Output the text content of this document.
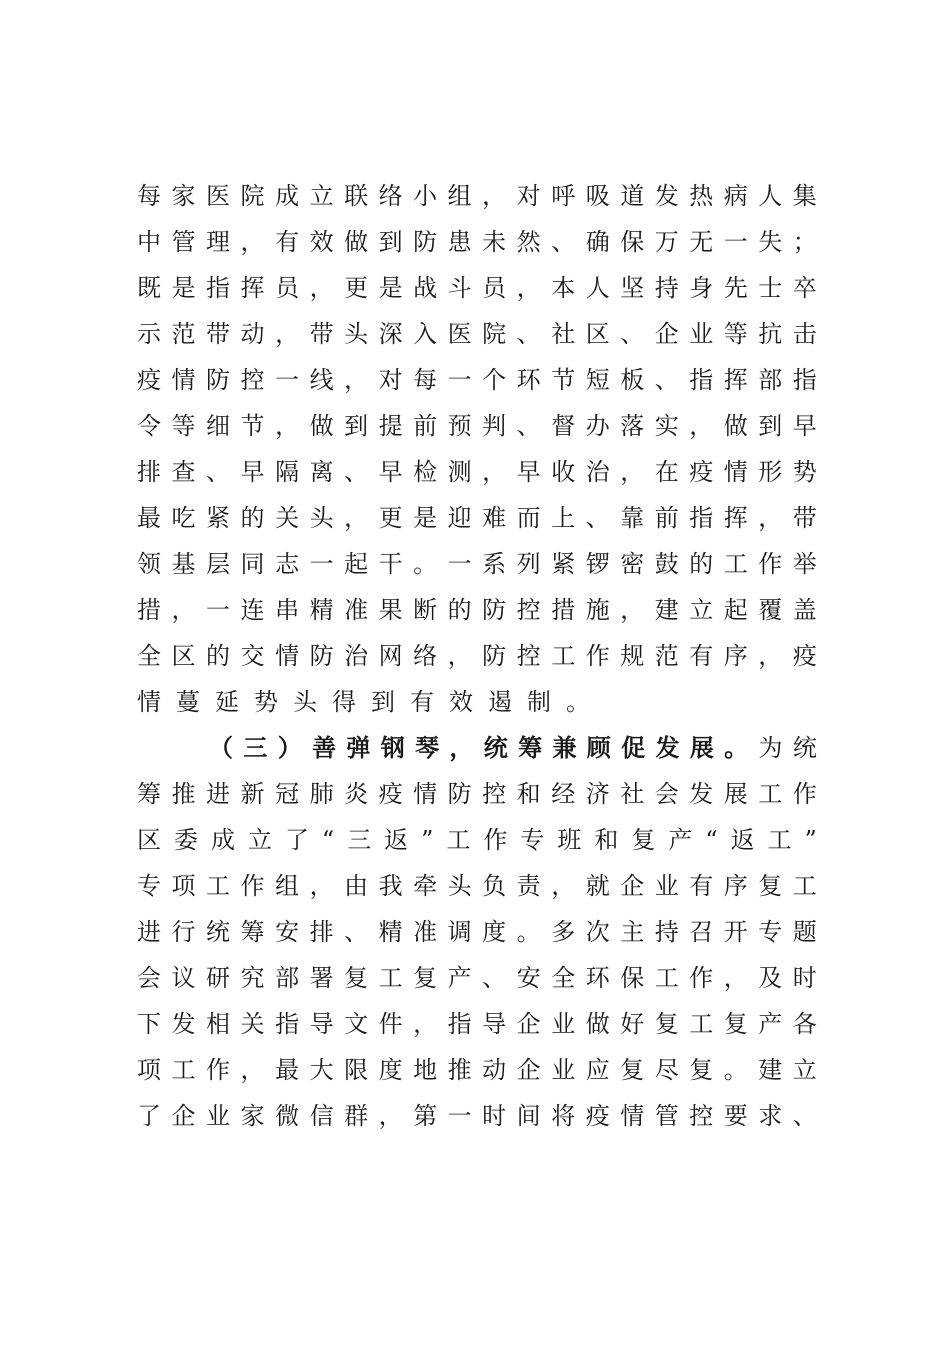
每 家 医 院 成 立 联 络 小 组 ， 对 呼 吸 道 发 热 病 人 集
中 管 理 ， 有 效 做 到 防 患 未 然 、 确 保 万 无 一 失 ；
既 是 指 挥 员 ， 更 是 战 斗 员 ， 本 人 坚 持 身 先 士 卒
示 范 带 动 ， 带 头 深 入 医 院 、 社 区 、 企 业 等 抗 击
疫 情 防 控 一 线 ， 对 每 一 个 环 节 短 板 、 指 挥 部 指
令 等 细 节 ， 做 到 提 前 预 判 、 督 办 落 实 ， 做 到 早
排 查 、 早 隔 离 、 早 检 测 ， 早 收 治 ， 在 疫 情 形 势
最 吃 紧 的 关 头 ， 更 是 迎 难 而 上 、 靠 前 指 挥 ， 带
领 基 层 同 志 一 起 干 。 一 系 列 紧 锣 密 鼓 的 工 作 举
措 ， 一 连 串 精 准 果 断 的 防 控 措 施 ， 建 立 起 覆 盖
全 区 的 交 情 防 治 网 络 ， 防 控 工 作 规 范 有 序 ， 疫
情蔓延势头得到有效遏制。
（ 三 ） 善 弹 钢 琴 ， 统 筹 兼 顾 促 发 展 。 为 统
筹 推 进 新 冠 肺 炎 疫 情 防 控 和 经 济 社 会 发 展 工 作
区 委 成 立 了 “ 三 返 ” 工 作 专 班 和 复 产 “ 返 工 ”
专 项 工 作 组 ， 由 我 牵 头 负 责 ， 就 企 业 有 序 复 工
进 行 统 筹 安 排 、 精 准 调 度 。 多 次 主 持 召 开 专 题
会 议 研 究 部 署 复 工 复 产 、 安 全 环 保 工 作 ， 及 时
下 发 相 关 指 导 文 件 ， 指 导 企 业 做 好 复 工 复 产 各
项 工 作 ， 最 大 限 度 地 推 动 企 业 应 复 尽 复 。 建 立
了 企 业 家 微 信 群 ， 第 一 时 间 将 疫 情 管 控 要 求 、
